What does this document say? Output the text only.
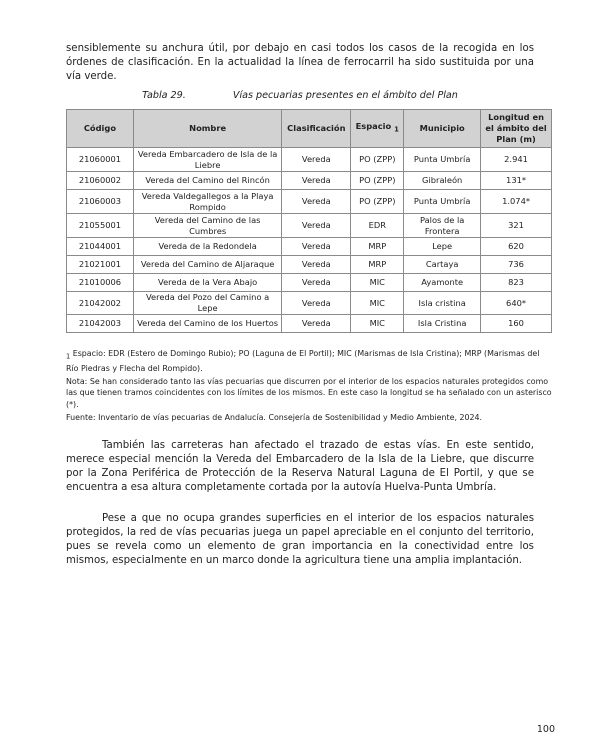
sensiblemente su anchura útil, por debajo en casi todos los casos de la recogida en los órdenes de clasificación. En la actualidad la línea de ferrocarril ha sido sustituida por una vía verde.

Tabla 29.	Vías pecuarias presentes en el ámbito del Plan

Código	Nombre	Clasificación	Espacio $_1$	Municipio	Longitud en el ámbito del Plan (m)
21060001	Vereda Embarcadero de Isla de la Liebre	Vereda	PO (ZPP)	Punta Umbría	2.941
21060002	Vereda del Camino del Rincón	Vereda	PO (ZPP)	Gibraleón	131*
21060003	Vereda Valdegallegos a la Playa Rompido	Vereda	PO (ZPP)	Punta Umbría	1.074*
21055001	Vereda del Camino de las Cumbres	Vereda	EDR	Palos de la Frontera	321
21044001	Vereda de la Redondela	Vereda	MRP	Lepe	620
21021001	Vereda del Camino de Aljaraque	Vereda	MRP	Cartaya	736
21010006	Vereda de la Vera Abajo	Vereda	MIC	Ayamonte	823
21042002	Vereda del Pozo del Camino a Lepe	Vereda	MIC	Isla cristina	640*
21042003	Vereda del Camino de los Huertos	Vereda	MIC	Isla Cristina	160

$_1$ Espacio: EDR (Estero de Domingo Rubio); PO (Laguna de El Portil); MIC (Marismas de Isla Cristina); MRP (Marismas del Río Piedras y Flecha del Rompido).

Nota: Se han considerado tanto las vías pecuarias que discurren por el interior de los espacios naturales protegidos como las que tienen tramos coincidentes con los límites de los mismos. En este caso la longitud se ha señalado con un asterisco (*).

Fuente: Inventario de vías pecuarias de Andalucía. Consejería de Sostenibilidad y Medio Ambiente, 2024.

También las carreteras han afectado el trazado de estas vías. En este sentido, merece especial mención la Vereda del Embarcadero de la Isla de la Liebre, que discurre por la Zona Periférica de Protección de la Reserva Natural Laguna de El Portil, y que se encuentra a esa altura completamente cortada por la autovía Huelva-Punta Umbría.

Pese a que no ocupa grandes superficies en el interior de los espacios naturales protegidos, la red de vías pecuarias juega un papel apreciable en el conjunto del territorio, pues se revela como un elemento de gran importancia en la conectividad entre los mismos, especialmente en un marco donde la agricultura tiene una amplia implantación.

100
